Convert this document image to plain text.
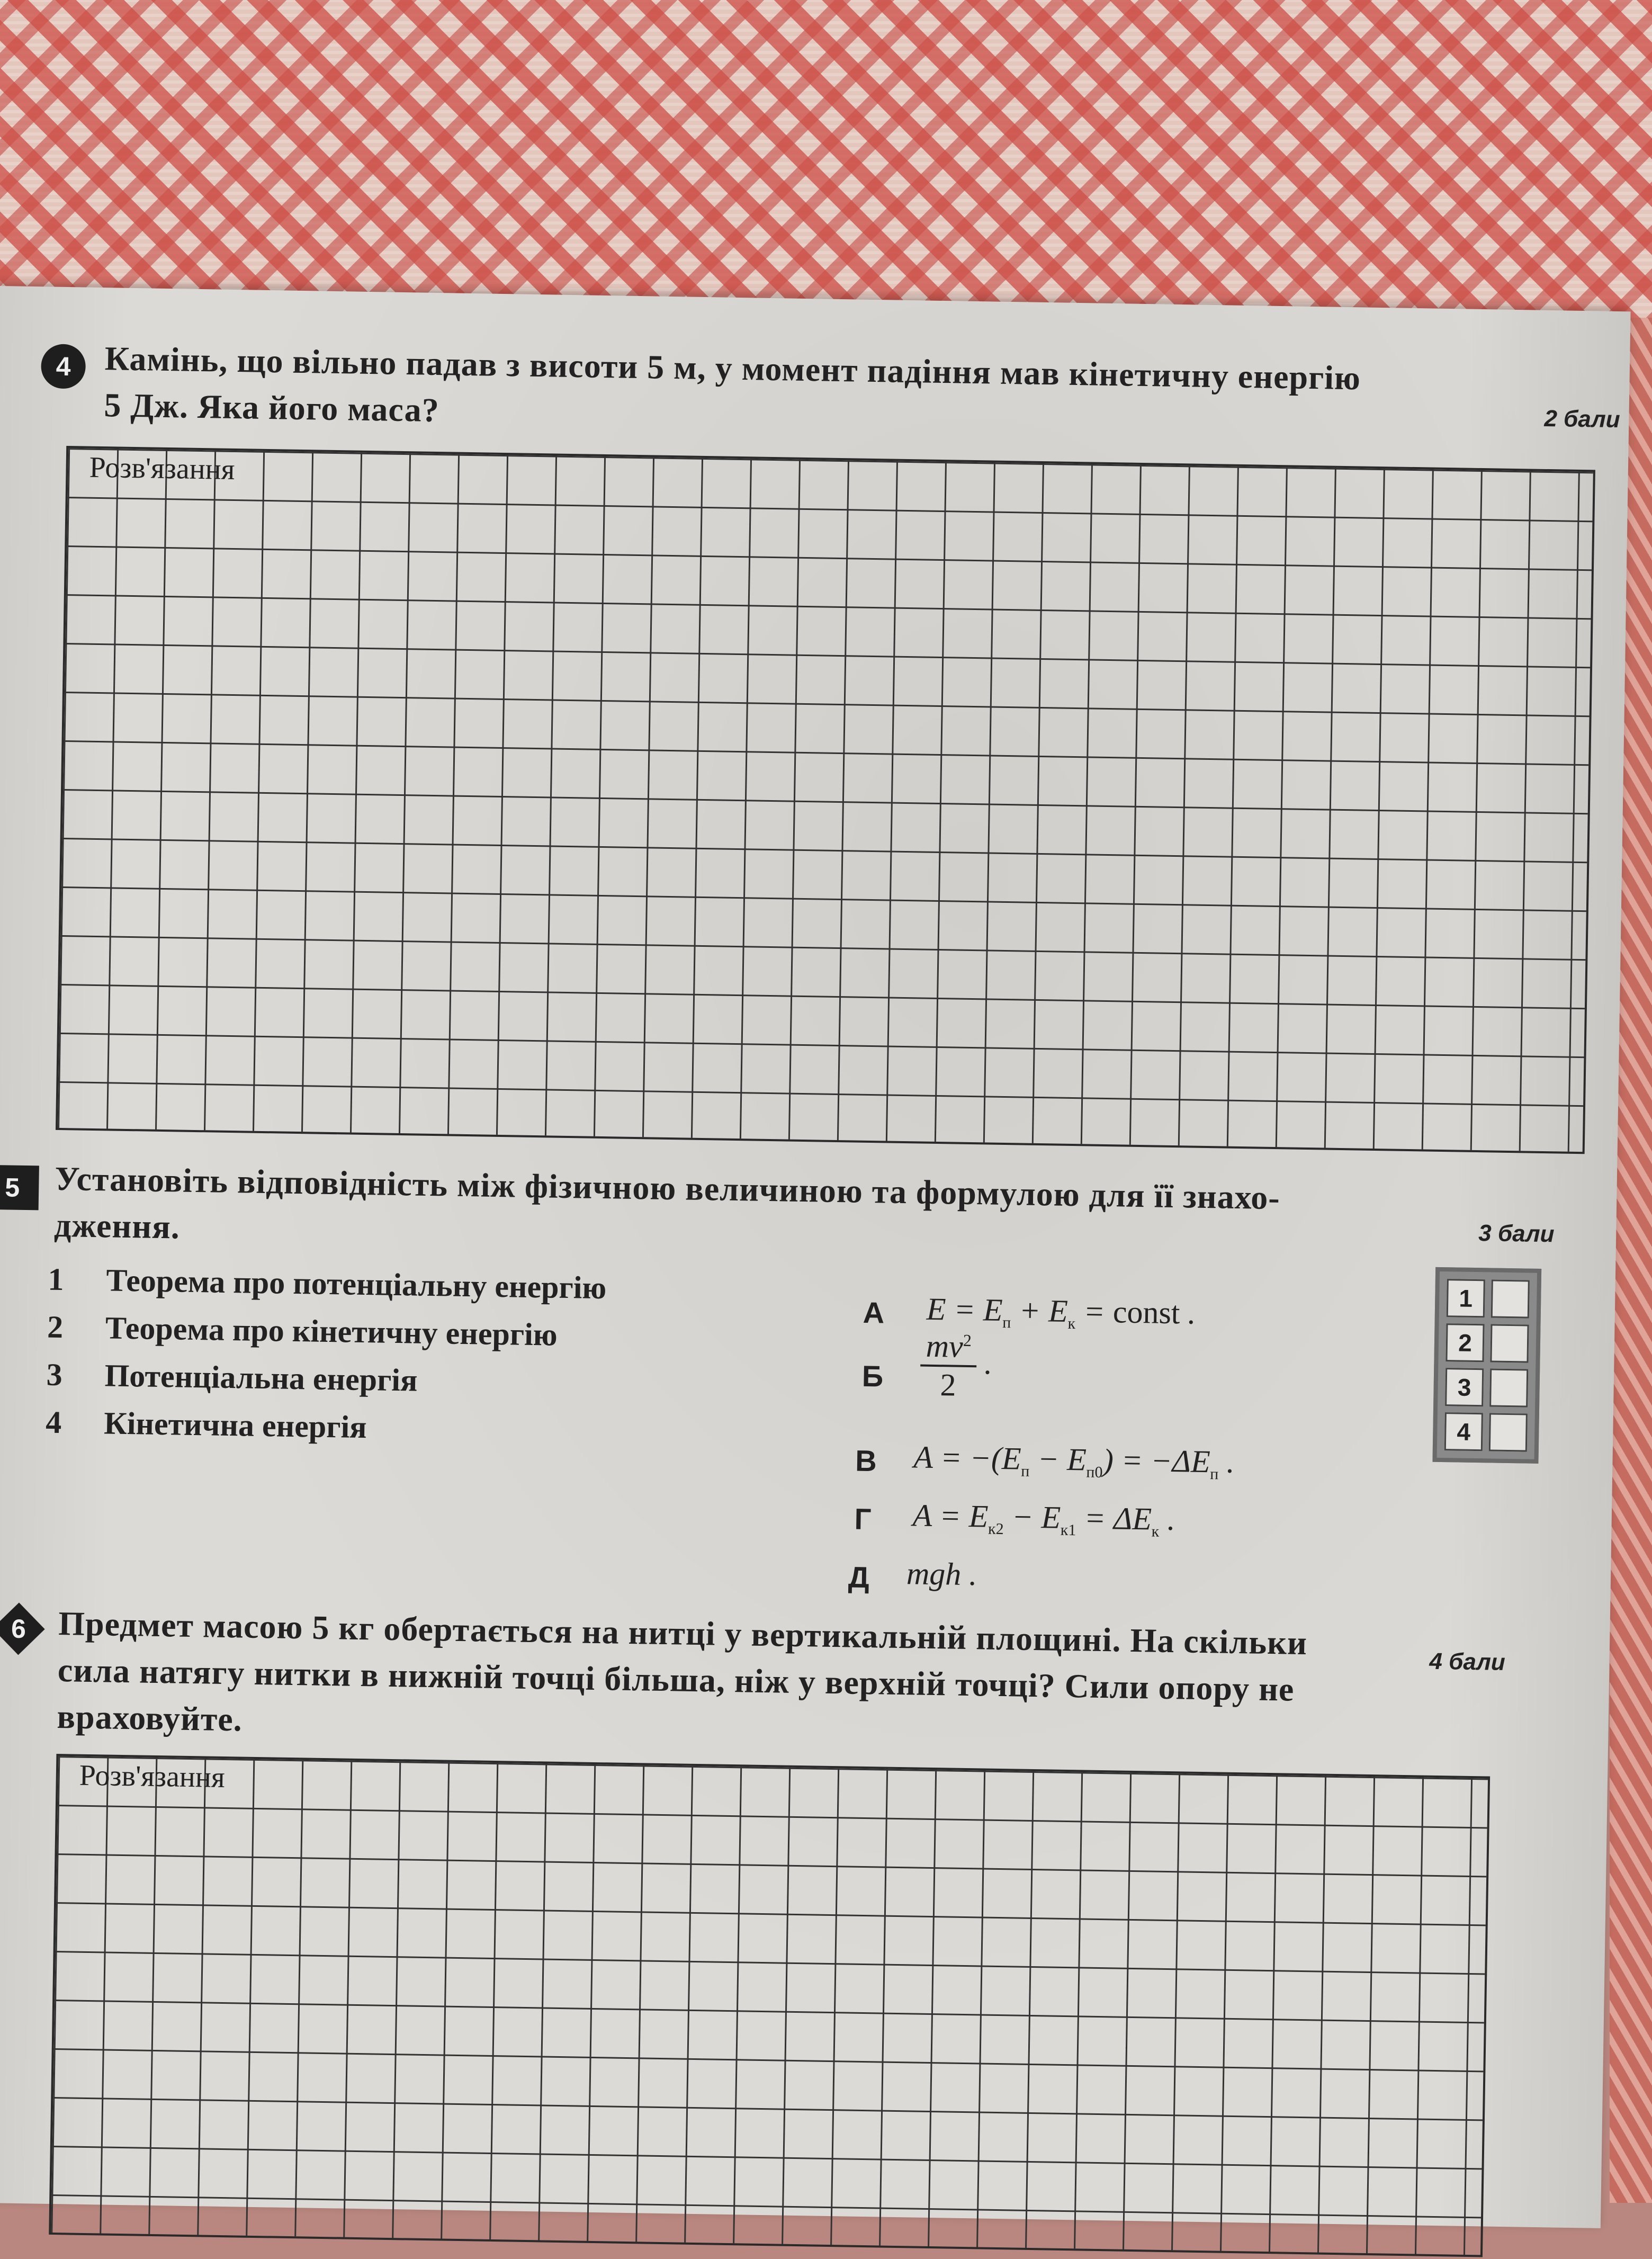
4 Камінь, що вільно падав з висоти 5 м, у момент падіння мав кінетичну енергію
5 Дж. Яка його маса?	2 бали
Розв'язання
5 Установіть відповідність між фізичною величиною та формулою для її знахо-
дження.	3 бали
1 Теорема про потенціальну енергію
2 Теорема про кінетичну енергію
3 Потенціальна енергія
4 Кінетична енергія
А $E = E_п + E_к$ = const .
Б $\frac{mv^2}{2}$
.
В $A = -(E_п - E_{п0}) = -\Delta E_п$ .
Г $A = E_{к2} - E_{к1} = \Delta E_к$ .
Д mgh .
1
2
3
4
6 Предмет масою 5 кг обертається на нитці у вертикальній площині. На скільки
сила натягу нитки в нижній точці більша, ніж у верхній точці? Сили опору не
враховуйте.
4 бали
Розв'язання
